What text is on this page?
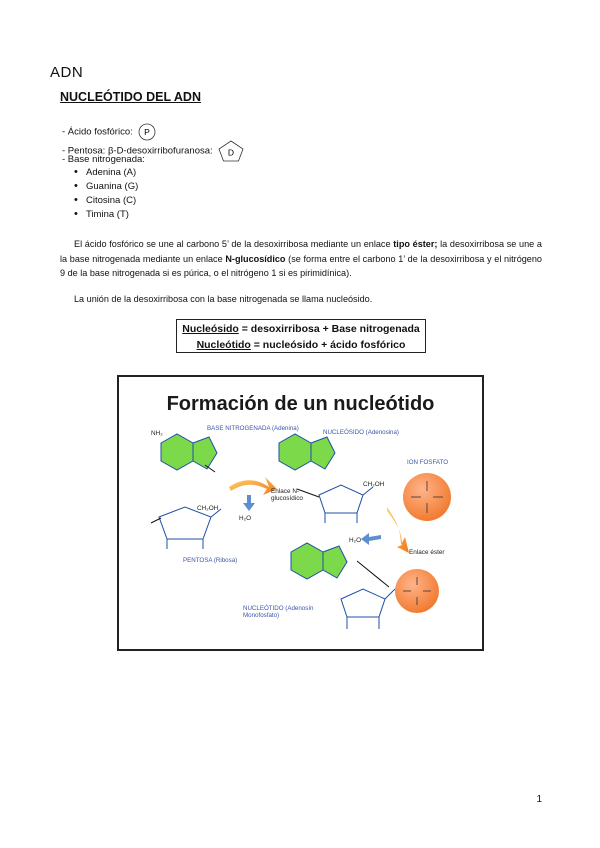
ADN
NUCLEÓTIDO DEL ADN
- Ácido fosfórico: P
- Pentosa: β-D-desoxirribofuranosa: D
- Base nitrogenada:
• Adenina (A)
• Guanina (G)
• Citosina (C)
• Timina (T)
El ácido fosfórico se une al carbono 5’ de la desoxirribosa mediante un enlace tipo éster; la desoxirribosa se une a la base nitrogenada mediante un enlace N-glucosídico (se forma entre el carbono 1’ de la desoxirribosa y el nitrógeno 9 de la base nitrogenada si es púrica, o el nitrógeno 1 si es pirimidínica).
La unión de la desoxirribosa con la base nitrogenada se llama nucleósido.
Nucleósido = desoxirribosa + Base nitrogenada
Nucleótido = nucleósido + ácido fosfórico
Formación de un nucleótido
BASE NITROGENADA (Adenina)
NH₂	NUCLEÓSIDO (Adenosina)
ION FOSFATO
Enlace N-glucosídico
H₂O
CH₂OH
CH₂OH
PENTOSA (Ribosa)
H₂O
Enlace éster
NUCLEÓTIDO (Adenosín Monofosfato)
1
